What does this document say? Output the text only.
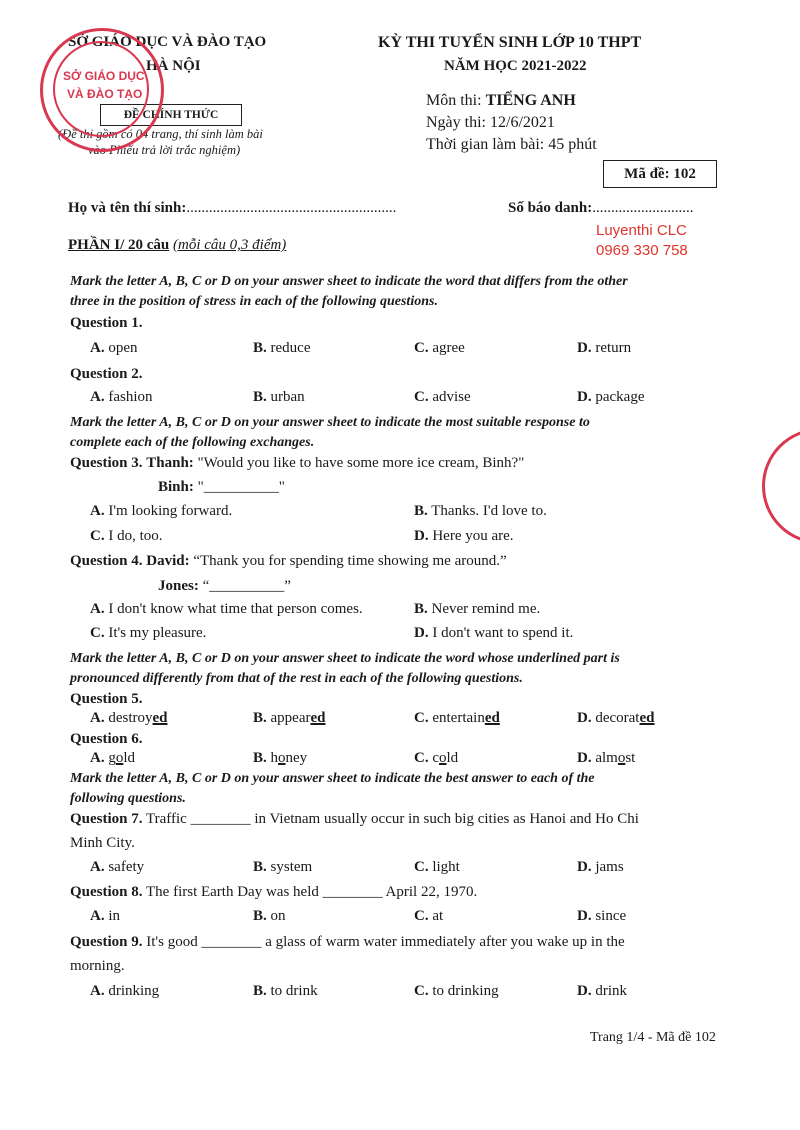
SỞ GIÁO DỤC VÀ ĐÀO TẠO
HÀ NỘI
ĐỀ CHÍNH THỨC
(Đề thi gồm có 04 trang, thí sinh làm bài
vào Phiếu trả lời trắc nghiệm)
SỞ GIÁO DỤC
VÀ ĐÀO TẠO
KỲ THI TUYỂN SINH LỚP 10 THPT
NĂM HỌC 2021-2022
Môn thi: TIẾNG ANH
Ngày thi: 12/6/2021
Thời gian làm bài: 45 phút
Mã đề: 102
Họ và tên thí sinh:........................................................	Số báo danh:...........................
Luyenthi CLC
0969 330 758
PHẦN I/ 20 câu (mỗi câu 0,3 điểm)
Mark the letter A, B, C or D on your answer sheet to indicate the word that differs from the other
three in the position of stress in each of the following questions.
Question 1.
A. open	B. reduce	C. agree	D. return
Question 2.
A. fashion	B. urban	C. advise	D. package
Mark the letter A, B, C or D on your answer sheet to indicate the most suitable response to
complete each of the following exchanges.
Question 3. Thanh: "Would you like to have some more ice cream, Binh?"
Binh: "__________"
A. I'm looking forward.	B. Thanks. I'd love to.
C. I do, too.	D. Here you are.
Question 4. David: “Thank you for spending time showing me around.”
Jones: “__________”
A. I don't know what time that person comes.	B. Never remind me.
C. It's my pleasure.	D. I don't want to spend it.
Mark the letter A, B, C or D on your answer sheet to indicate the word whose underlined part is
pronounced differently from that of the rest in each of the following questions.
Question 5.
A. destroyed	B. appeared	C. entertained	D. decorated
Question 6.
A. gold	B. honey	C. cold	D. almost
Mark the letter A, B, C or D on your answer sheet to indicate the best answer to each of the
following questions.
Question 7. Traffic ________ in Vietnam usually occur in such big cities as Hanoi and Ho Chi
Minh City.
A. safety	B. system	C. light	D. jams
Question 8. The first Earth Day was held ________ April 22, 1970.
A. in	B. on	C. at	D. since
Question 9. It's good ________ a glass of warm water immediately after you wake up in the
morning.
A. drinking	B. to drink	C. to drinking	D. drink
Trang 1/4 - Mã đề 102
